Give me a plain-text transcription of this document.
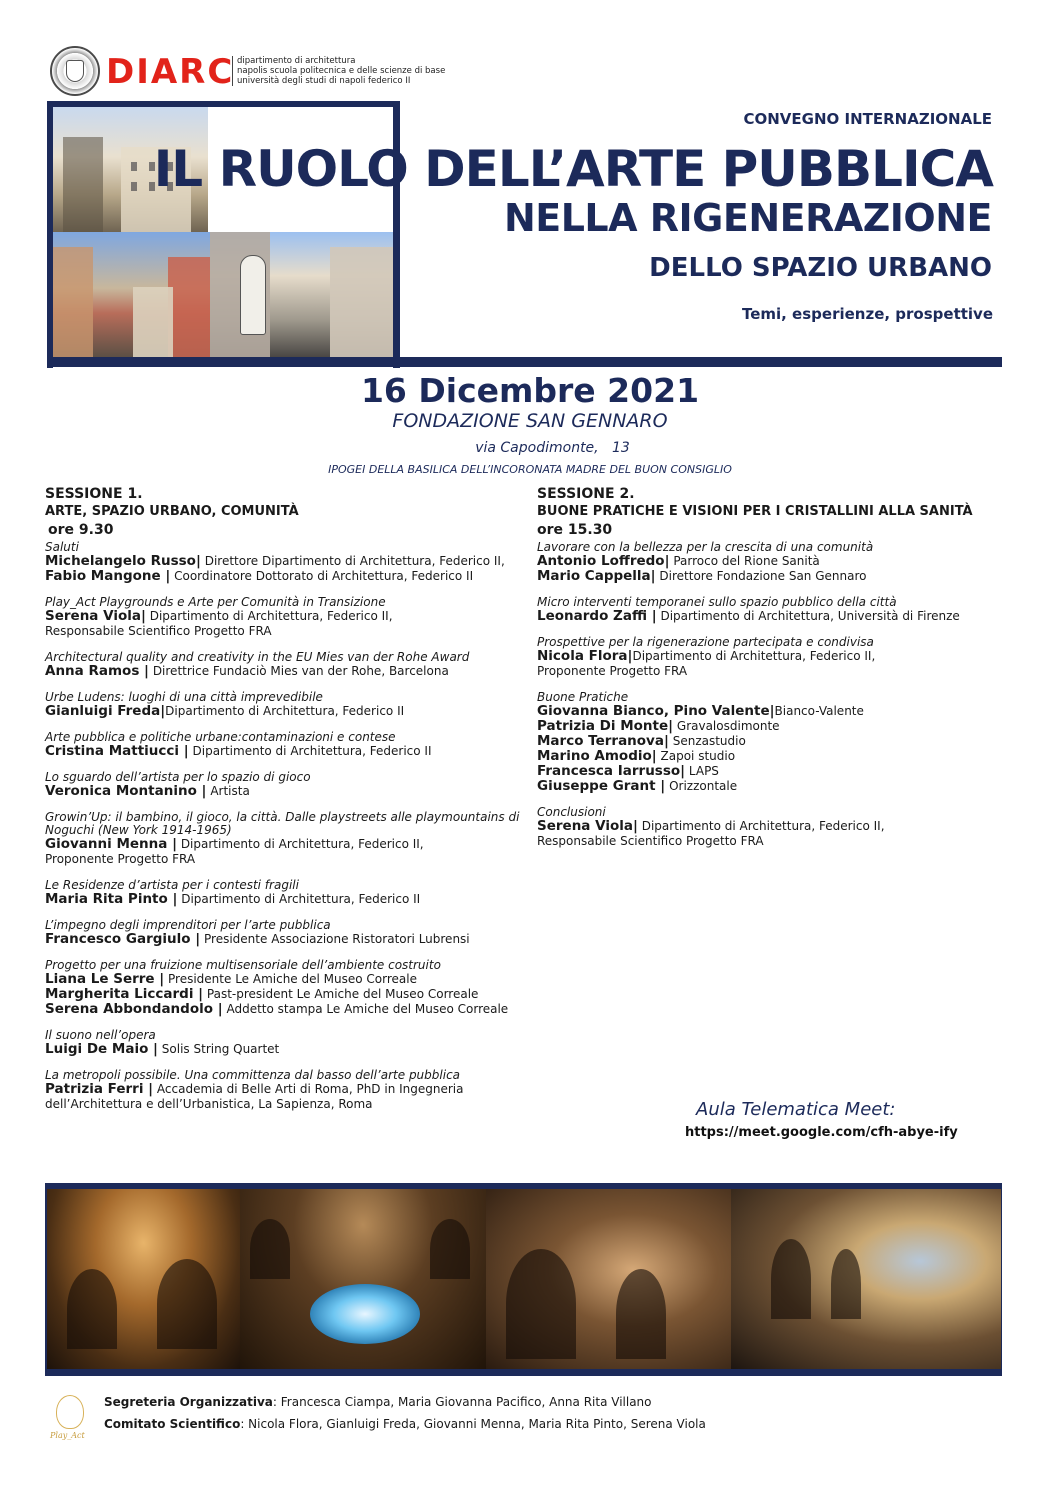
DIARC dipartimento di architettura
napolis scuola politecnica e delle scienze di base
università degli studi di napoli federico II
CONVEGNO INTERNAZIONALE
IL RUOLO DELL’ARTE PUBBLICA
NELLA RIGENERAZIONE
DELLO SPAZIO URBANO
Temi, esperienze, prospettive
16 Dicembre 2021
FONDAZIONE SAN GENNARO
via Capodimonte,   13
IPOGEI DELLA BASILICA DELL’INCORONATA MADRE DEL BUON CONSIGLIO
SESSIONE 1.
ARTE, SPAZIO URBANO, COMUNITÀ
ore 9.30
Saluti
Michelangelo Russo| Direttore Dipartimento di Architettura, Federico II,
Fabio Mangone | Coordinatore Dottorato di Architettura, Federico II
Play_Act Playgrounds e Arte per Comunità in Transizione
Serena Viola| Dipartimento di Architettura, Federico II,
Responsabile Scientifico Progetto FRA
Architectural quality and creativity in the EU Mies van der Rohe Award
Anna Ramos | Direttrice Fundaciò Mies van der Rohe, Barcelona
Urbe Ludens: luoghi di una città imprevedibile
Gianluigi Freda|Dipartimento di Architettura, Federico II
Arte pubblica e politiche urbane:contaminazioni e contese
Cristina Mattiucci | Dipartimento di Architettura, Federico II
Lo sguardo dell’artista per lo spazio di gioco
Veronica Montanino | Artista
Growin’Up: il bambino, il gioco, la città. Dalle playstreets alle playmountains di Noguchi (New York 1914-1965)
Giovanni Menna | Dipartimento di Architettura, Federico II,
Proponente Progetto FRA
Le Residenze d’artista per i contesti fragili
Maria Rita Pinto | Dipartimento di Architettura, Federico II
L’impegno degli imprenditori per l’arte pubblica
Francesco Gargiulo | Presidente Associazione Ristoratori Lubrensi
Progetto per una fruizione multisensoriale dell’ambiente costruito
Liana Le Serre | Presidente Le Amiche del Museo Correale
Margherita Liccardi | Past-president Le Amiche del Museo Correale
Serena Abbondandolo | Addetto stampa Le Amiche del Museo Correale
Il suono nell’opera
Luigi De Maio | Solis String Quartet
La metropoli possibile. Una committenza dal basso dell’arte pubblica
Patrizia Ferri | Accademia di Belle Arti di Roma, PhD in Ingegneria
dell’Architettura e dell’Urbanistica, La Sapienza, Roma
SESSIONE 2.
BUONE PRATICHE E VISIONI PER I CRISTALLINI ALLA SANITÀ
ore 15.30
Lavorare con la bellezza per la crescita di una comunità
Antonio Loffredo| Parroco del Rione Sanità
Mario Cappella| Direttore Fondazione San Gennaro
Micro interventi temporanei sullo spazio pubblico della città
Leonardo Zaffi | Dipartimento di Architettura, Università di Firenze
Prospettive per la rigenerazione partecipata e condivisa
Nicola Flora|Dipartimento di Architettura, Federico II,
Proponente Progetto FRA
Buone Pratiche
Giovanna Bianco, Pino Valente|Bianco-Valente
Patrizia Di Monte| Gravalosdimonte
Marco Terranova| Senzastudio
Marino Amodio| Zapoi studio
Francesca Iarrusso| LAPS
Giuseppe Grant | Orizzontale
Conclusioni
Serena Viola| Dipartimento di Architettura, Federico II,
Responsabile Scientifico Progetto FRA
Aula Telematica Meet:
https://meet.google.com/cfh-abye-ify
Play_Act
Segreteria Organizzativa: Francesca Ciampa, Maria Giovanna Pacifico, Anna Rita Villano
Comitato Scientifico: Nicola Flora, Gianluigi Freda, Giovanni Menna, Maria Rita Pinto, Serena Viola
